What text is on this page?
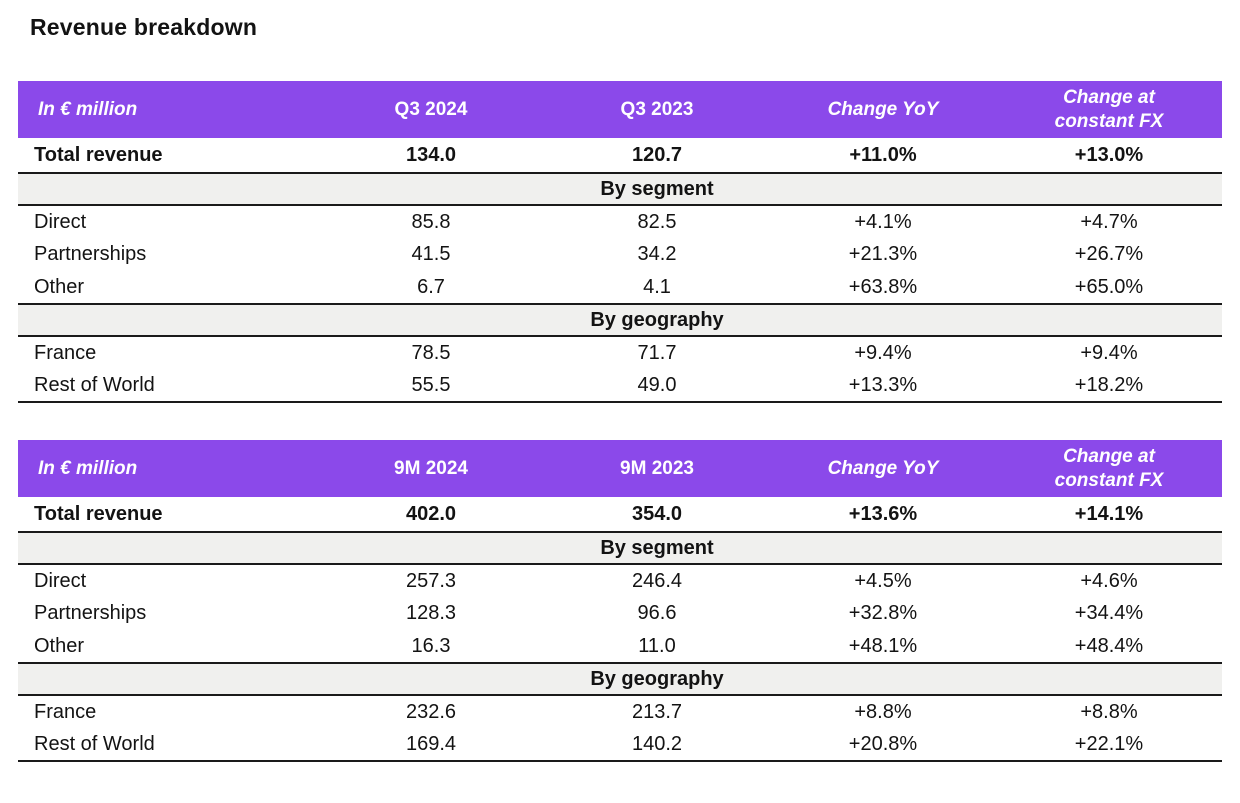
Revenue breakdown
In € million	Q3 2024	Q3 2023	Change YoY	Change at constant FX
Total revenue	134.0	120.7	+11.0%	+13.0%
		By segment		
Direct	85.8	82.5	+4.1%	+4.7%
Partnerships	41.5	34.2	+21.3%	+26.7%
Other	6.7	4.1	+63.8%	+65.0%
		By geography		
France	78.5	71.7	+9.4%	+9.4%
Rest of World	55.5	49.0	+13.3%	+18.2%
In € million	9M 2024	9M 2023	Change YoY	Change at constant FX
Total revenue	402.0	354.0	+13.6%	+14.1%
		By segment		
Direct	257.3	246.4	+4.5%	+4.6%
Partnerships	128.3	96.6	+32.8%	+34.4%
Other	16.3	11.0	+48.1%	+48.4%
		By geography		
France	232.6	213.7	+8.8%	+8.8%
Rest of World	169.4	140.2	+20.8%	+22.1%
